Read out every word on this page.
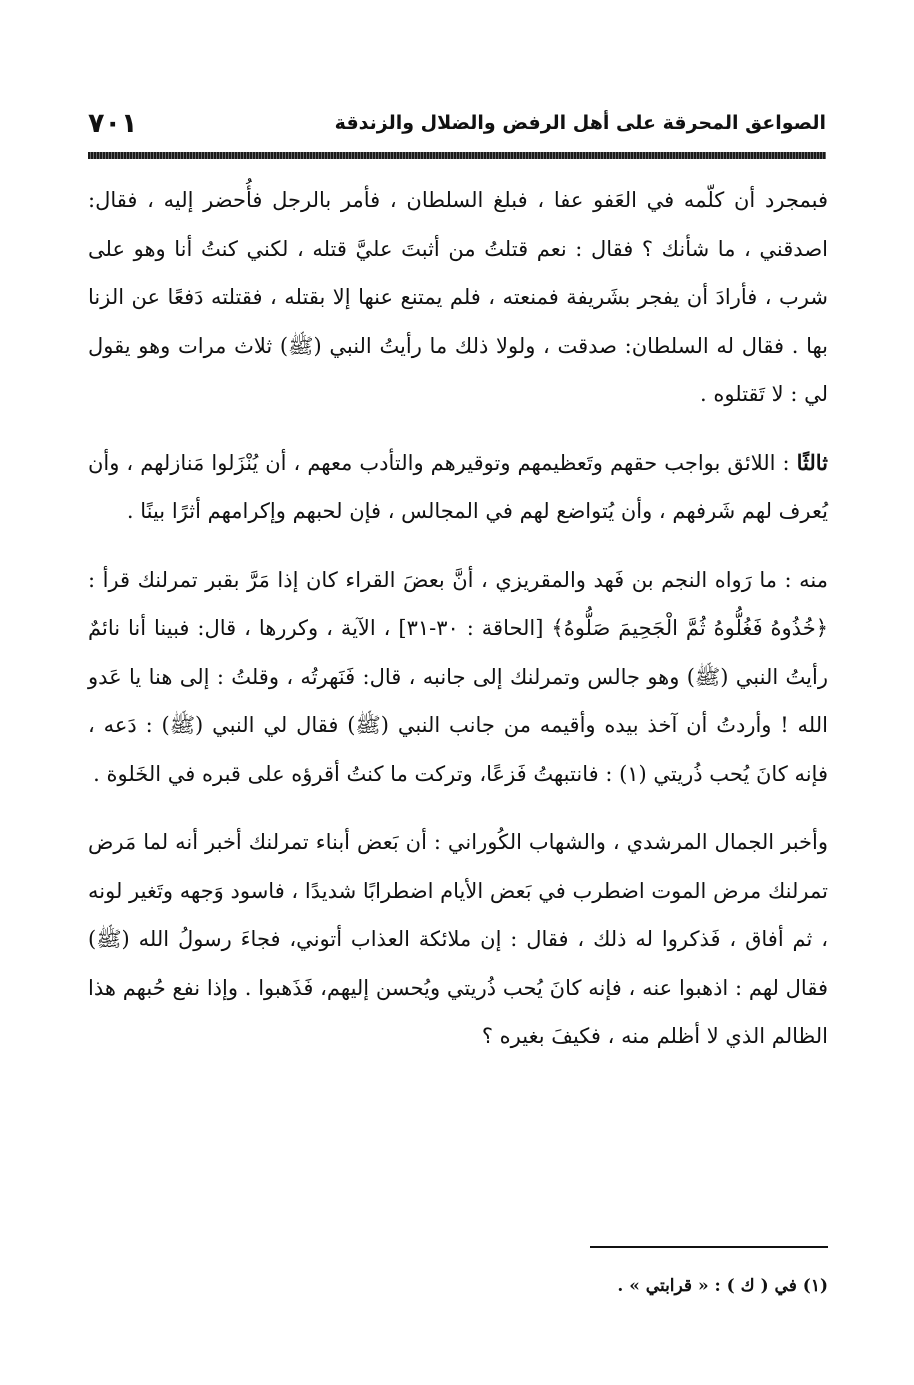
الصواعق المحرقة على أهل الرفض والضلال والزندقة
٧٠١

فبمجرد أن كلّمه في العَفو عفا ، فبلغ السلطان ، فأمر بالرجل فأُحضر إليه ، فقال: اصدقني ، ما شأنك ؟ فقال : نعم قتلتُ من أثبتَ عليَّ قتله ، لكني كنتُ أنا وهو على شرب ، فأرادَ أن يفجر بشَريفة فمنعته ، فلم يمتنع عنها إلا بقتله ، فقتلته دَفعًا عن الزنا بها . فقال له السلطان: صدقت ، ولولا ذلك ما رأيتُ النبي (ﷺ) ثلاث مرات وهو يقول لي : لا تَقتلوه .

ثالثًا : اللائق بواجب حقهم وتَعظيمهم وتوقيرهم والتأدب معهم ، أن يُنْزَلوا مَنازلهم ، وأن يُعرف لهم شَرفهم ، وأن يُتواضع لهم في المجالس ، فإن لحبهم وإكرامهم أثرًا بينًا .

منه : ما رَواه النجم بن فَهد والمقريزي ، أنَّ بعضَ القراء كان إذا مَرَّ بقبر تمرلنك قرأ : ﴿خُذُوهُ فَغُلُّوهُ ثُمَّ الْجَحِيمَ صَلُّوهُ﴾ [الحاقة : ٣٠-٣١] ، الآية ، وكررها ، قال: فبينا أنا نائمٌ رأيتُ النبي (ﷺ) وهو جالس وتمرلنك إلى جانبه ، قال: فَنَهرتُه ، وقلتُ : إلى هنا يا عَدو الله ! وأردتُ أن آخذ بيده وأقيمه من جانب النبي (ﷺ) فقال لي النبي (ﷺ) : دَعه ، فإنه كانَ يُحب ذُريتي (١) : فانتبهتُ فَزعًا، وتركت ما كنتُ أقرؤه على قبره في الخَلوة .

وأخبر الجمال المرشدي ، والشهاب الكُوراني : أن بَعض أبناء تمرلنك أخبر أنه لما مَرض تمرلنك مرض الموت اضطرب في بَعض الأيام اضطرابًا شديدًا ، فاسود وَجهه وتَغير لونه ، ثم أفاق ، فَذكروا له ذلك ، فقال : إن ملائكة العذاب أتوني، فجاءَ رسولُ الله (ﷺ) فقال لهم : اذهبوا عنه ، فإنه كانَ يُحب ذُريتي ويُحسن إليهم، فَذَهبوا . وإذا نفع حُبهم هذا الظالم الذي لا أظلم منه ، فكيفَ بغيره ؟

(١) في ( ك ) : « قرابتي » .
